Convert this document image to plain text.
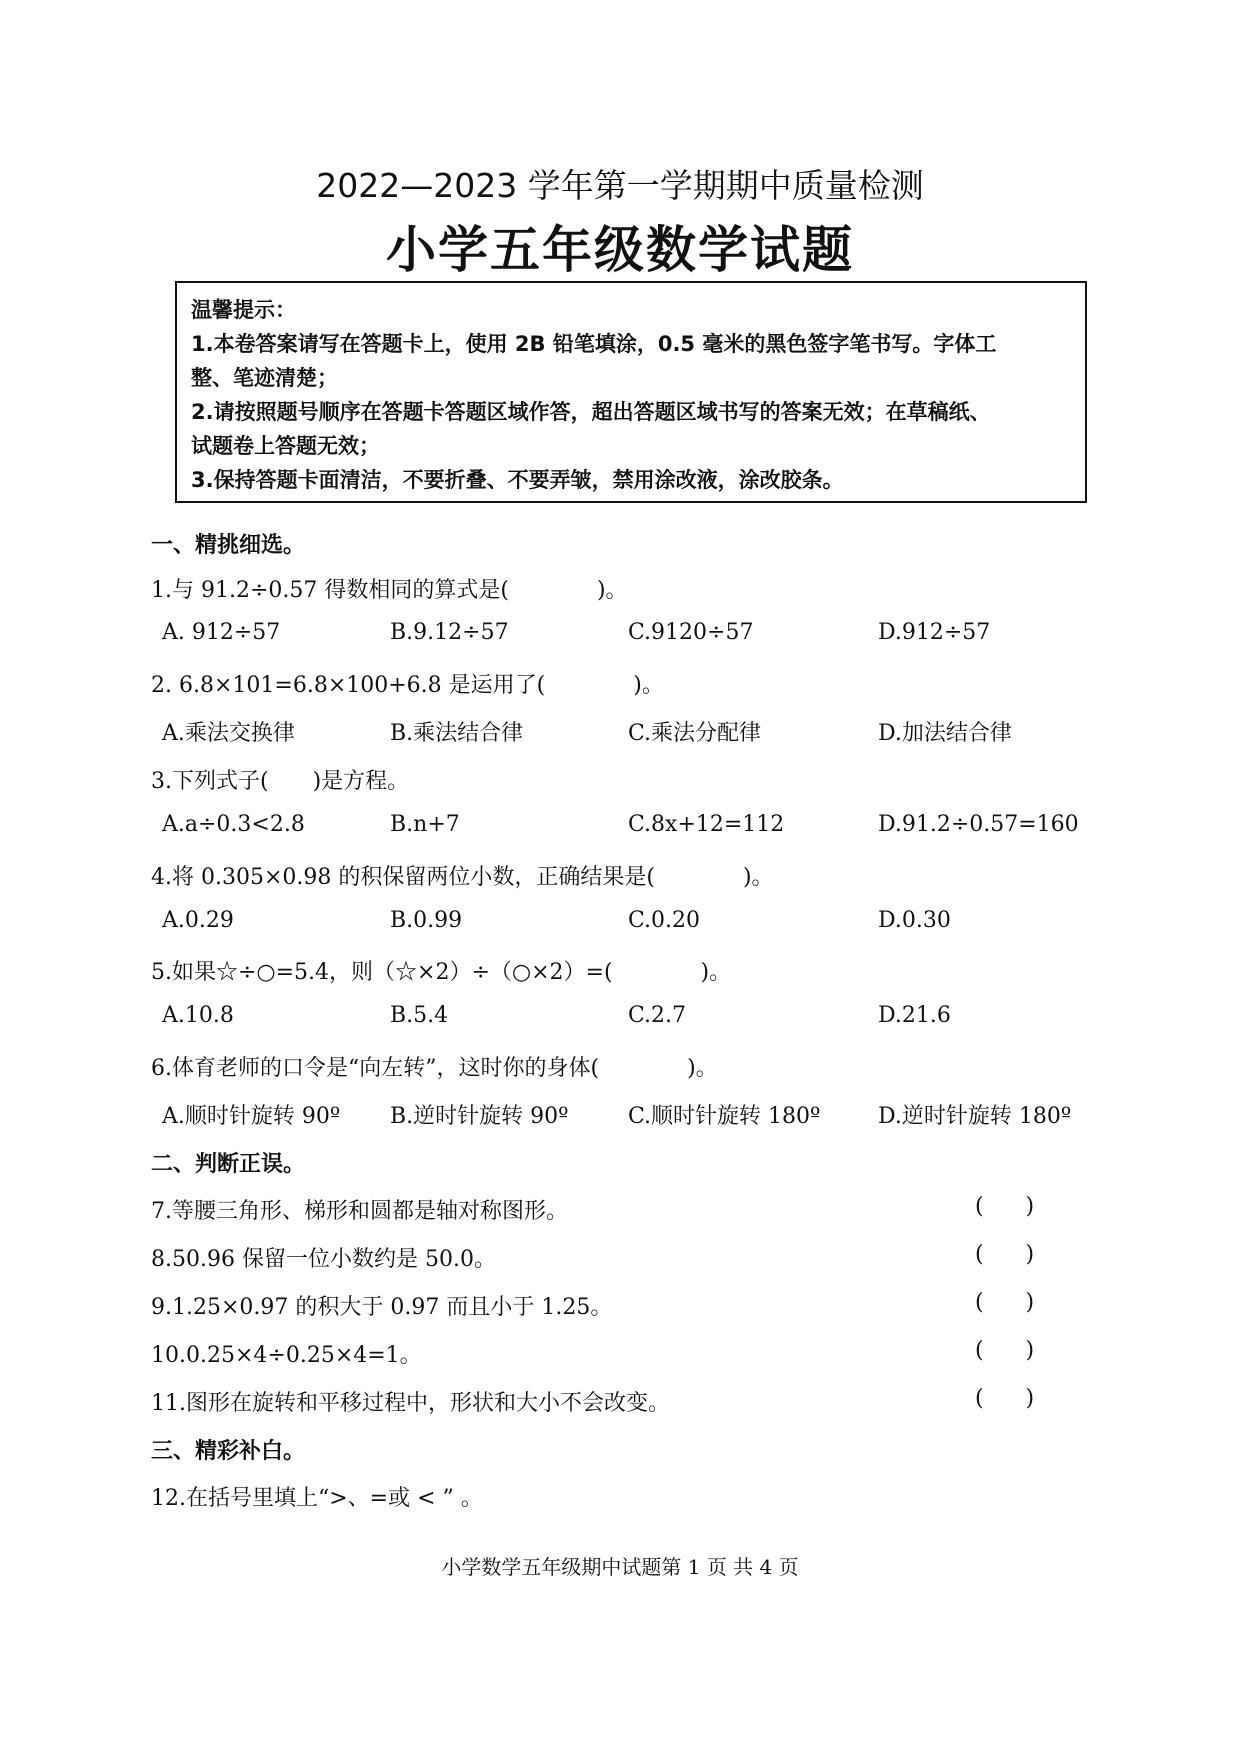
2022—2023 学年第一学期期中质量检测
小学五年级数学试题
温馨提示：
1.本卷答案请写在答题卡上，使用 2B 铅笔填涂，0.5 毫米的黑色签字笔书写。字体工
整、笔迹清楚；
2.请按照题号顺序在答题卡答题区域作答，超出答题区域书写的答案无效；在草稿纸、
试题卷上答题无效；
3.保持答题卡面清洁，不要折叠、不要弄皱，禁用涂改液，涂改胶条。
一、精挑细选。
1.与 91.2÷0.57 得数相同的算式是(　　　　)。
A. 912÷57	B.9.12÷57	C.9120÷57	D.912÷57
2. 6.8×101=6.8×100+6.8 是运用了(　　　　)。
A.乘法交换律	B.乘法结合律	C.乘法分配律	D.加法结合律
3.下列式子(　　)是方程。
A.a÷0.3<2.8	B.n+7	C.8x+12=112	D.91.2÷0.57=160
4.将 0.305×0.98 的积保留两位小数，正确结果是(　　　　)。
A.0.29	B.0.99	C.0.20	D.0.30
5.如果☆÷○=5.4，则（☆×2）÷（○×2）=(　　　　)。
A.10.8	B.5.4	C.2.7	D.21.6
6.体育老师的口令是“向左转”，这时你的身体(　　　　)。
A.顺时针旋转 90º B.逆时针旋转 90º	C.顺时针旋转 180º	D.逆时针旋转 180º
二、判断正误。
7.等腰三角形、梯形和圆都是轴对称图形。	(      )
8.50.96 保留一位小数约是 50.0。	(      )
9.1.25×0.97 的积大于 0.97 而且小于 1.25。	(      )
10.0.25×4÷0.25×4=1。	(      )
11.图形在旋转和平移过程中，形状和大小不会改变。	(      )
三、精彩补白。
12.在括号里填上“>、=或 < ” 。
小学数学五年级期中试题第 1 页 共 4 页
